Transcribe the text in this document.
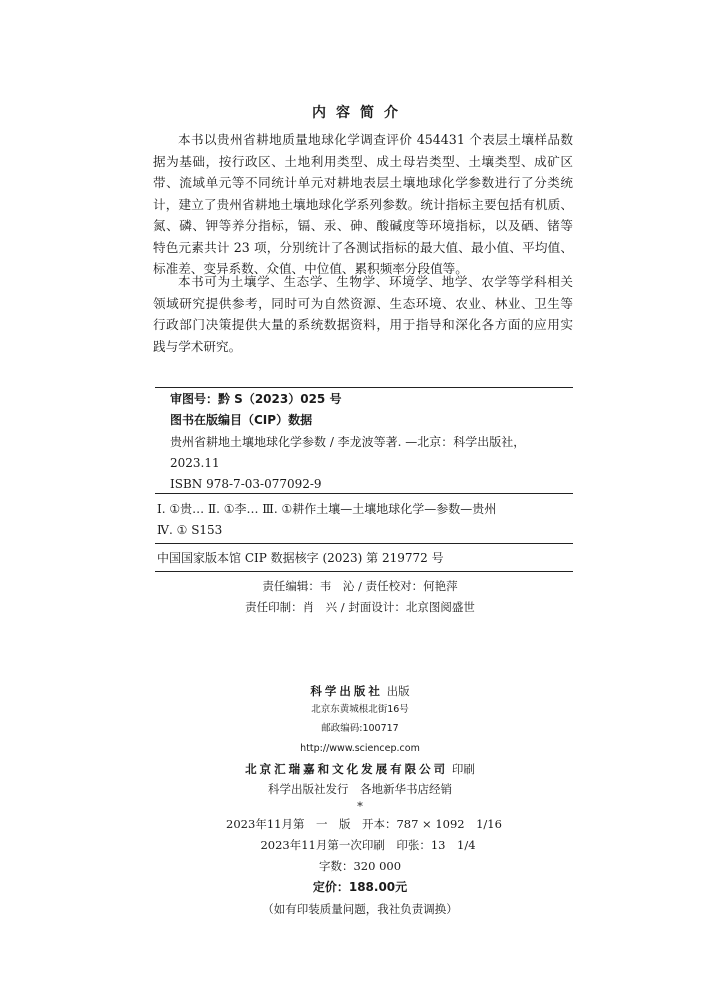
内容简介
本书以贵州省耕地质量地球化学调查评价 454431 个表层土壤样品数
据为基础，按行政区、土地利用类型、成土母岩类型、土壤类型、成矿区
带、流域单元等不同统计单元对耕地表层土壤地球化学参数进行了分类统
计，建立了贵州省耕地土壤地球化学系列参数。统计指标主要包括有机质、
氮、磷、钾等养分指标，镉、汞、砷、酸碱度等环境指标，以及硒、锗等
特色元素共计 23 项，分别统计了各测试指标的最大值、最小值、平均值、
标准差、变异系数、众值、中位值、累积频率分段值等。
本书可为土壤学、生态学、生物学、环境学、地学、农学等学科相关
领域研究提供参考，同时可为自然资源、生态环境、农业、林业、卫生等
行政部门决策提供大量的系统数据资料，用于指导和深化各方面的应用实
践与学术研究。
审图号：黔 S（2023）025 号
图书在版编目（CIP）数据
贵州省耕地土壤地球化学参数 / 李龙波等著. —北京：科学出版社，
2023.11
ISBN 978-7-03-077092-9
Ⅰ. ①贵… Ⅱ. ①李… Ⅲ. ①耕作土壤—土壤地球化学—参数—贵州
Ⅳ. ① S153
中国国家版本馆 CIP 数据核字 (2023) 第 219772 号
责任编辑：韦　沁 / 责任校对：何艳萍
责任印制：肖　兴 / 封面设计：北京图阅盛世
科学出版社 出版
北京东黄城根北街16号
邮政编码:100717
http://www.sciencep.com
北京汇瑞嘉和文化发展有限公司 印刷
科学出版社发行　各地新华书店经销
*
2023年11月第　一　版　开本：787 × 1092　1/16
2023年11月第一次印刷　印张：13　1/4
字数：320 000
定价：188.00元
（如有印装质量问题，我社负责调换）
